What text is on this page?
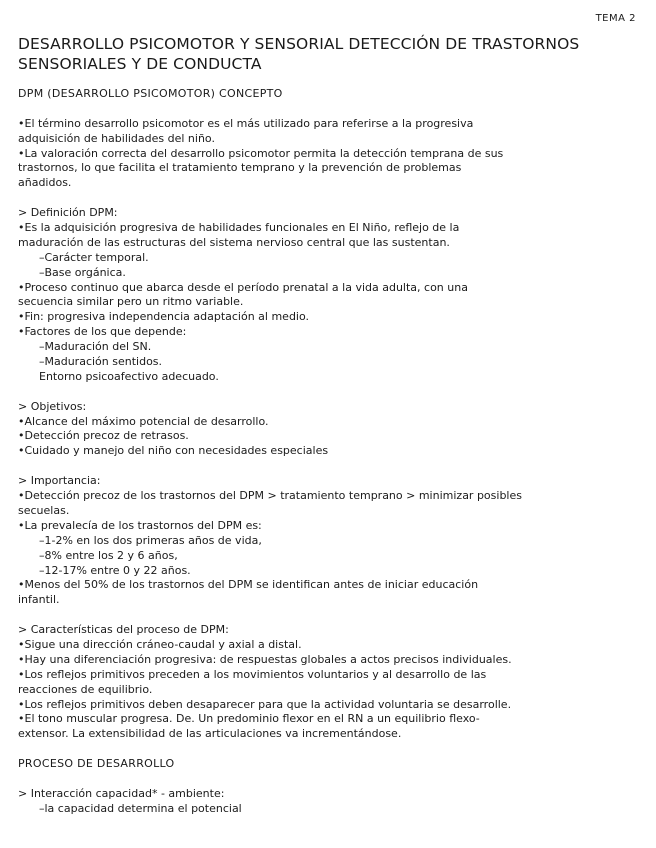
TEMA 2
DESARROLLO PSICOMOTOR Y SENSORIAL DETECCIÓN DE TRASTORNOS
SENSORIALES Y DE CONDUCTA
DPM (DESARROLLO PSICOMOTOR) CONCEPTO
•El término desarrollo psicomotor es el más utilizado para referirse a la progresiva
adquisición de habilidades del niño.
•La valoración correcta del desarrollo psicomotor permita la detección temprana de sus
trastornos, lo que facilita el tratamiento temprano y la prevención de problemas
añadidos.
> Definición DPM:
•Es la adquisición progresiva de habilidades funcionales en El Niño, reflejo de la
maduración de las estructuras del sistema nervioso central que las sustentan.
–Carácter temporal.
–Base orgánica.
•Proceso continuo que abarca desde el período prenatal a la vida adulta, con una
secuencia similar pero un ritmo variable.
•Fin: progresiva independencia adaptación al medio.
•Factores de los que depende:
–Maduración del SN.
–Maduración sentidos.
Entorno psicoafectivo adecuado.
> Objetivos:
•Alcance del máximo potencial de desarrollo.
•Detección precoz de retrasos.
•Cuidado y manejo del niño con necesidades especiales
> Importancia:
•Detección precoz de los trastornos del DPM > tratamiento temprano > minimizar posibles
secuelas.
•La prevalecía de los trastornos del DPM es:
–1-2% en los dos primeras años de vida,
–8% entre los 2 y 6 años,
–12-17% entre 0 y 22 años.
•Menos del 50% de los trastornos del DPM se identifican antes de iniciar educación
infantil.
> Características del proceso de DPM:
•Sigue una dirección cráneo-caudal y axial a distal.
•Hay una diferenciación progresiva: de respuestas globales a actos precisos individuales.
•Los reflejos primitivos preceden a los movimientos voluntarios y al desarrollo de las
reacciones de equilibrio.
•Los reflejos primitivos deben desaparecer para que la actividad voluntaria se desarrolle.
•El tono muscular progresa. De. Un predominio flexor en el RN a un equilibrio flexo-
extensor. La extensibilidad de las articulaciones va incrementándose.
PROCESO DE DESARROLLO
> Interacción capacidad* - ambiente:
–la capacidad determina el potencial
